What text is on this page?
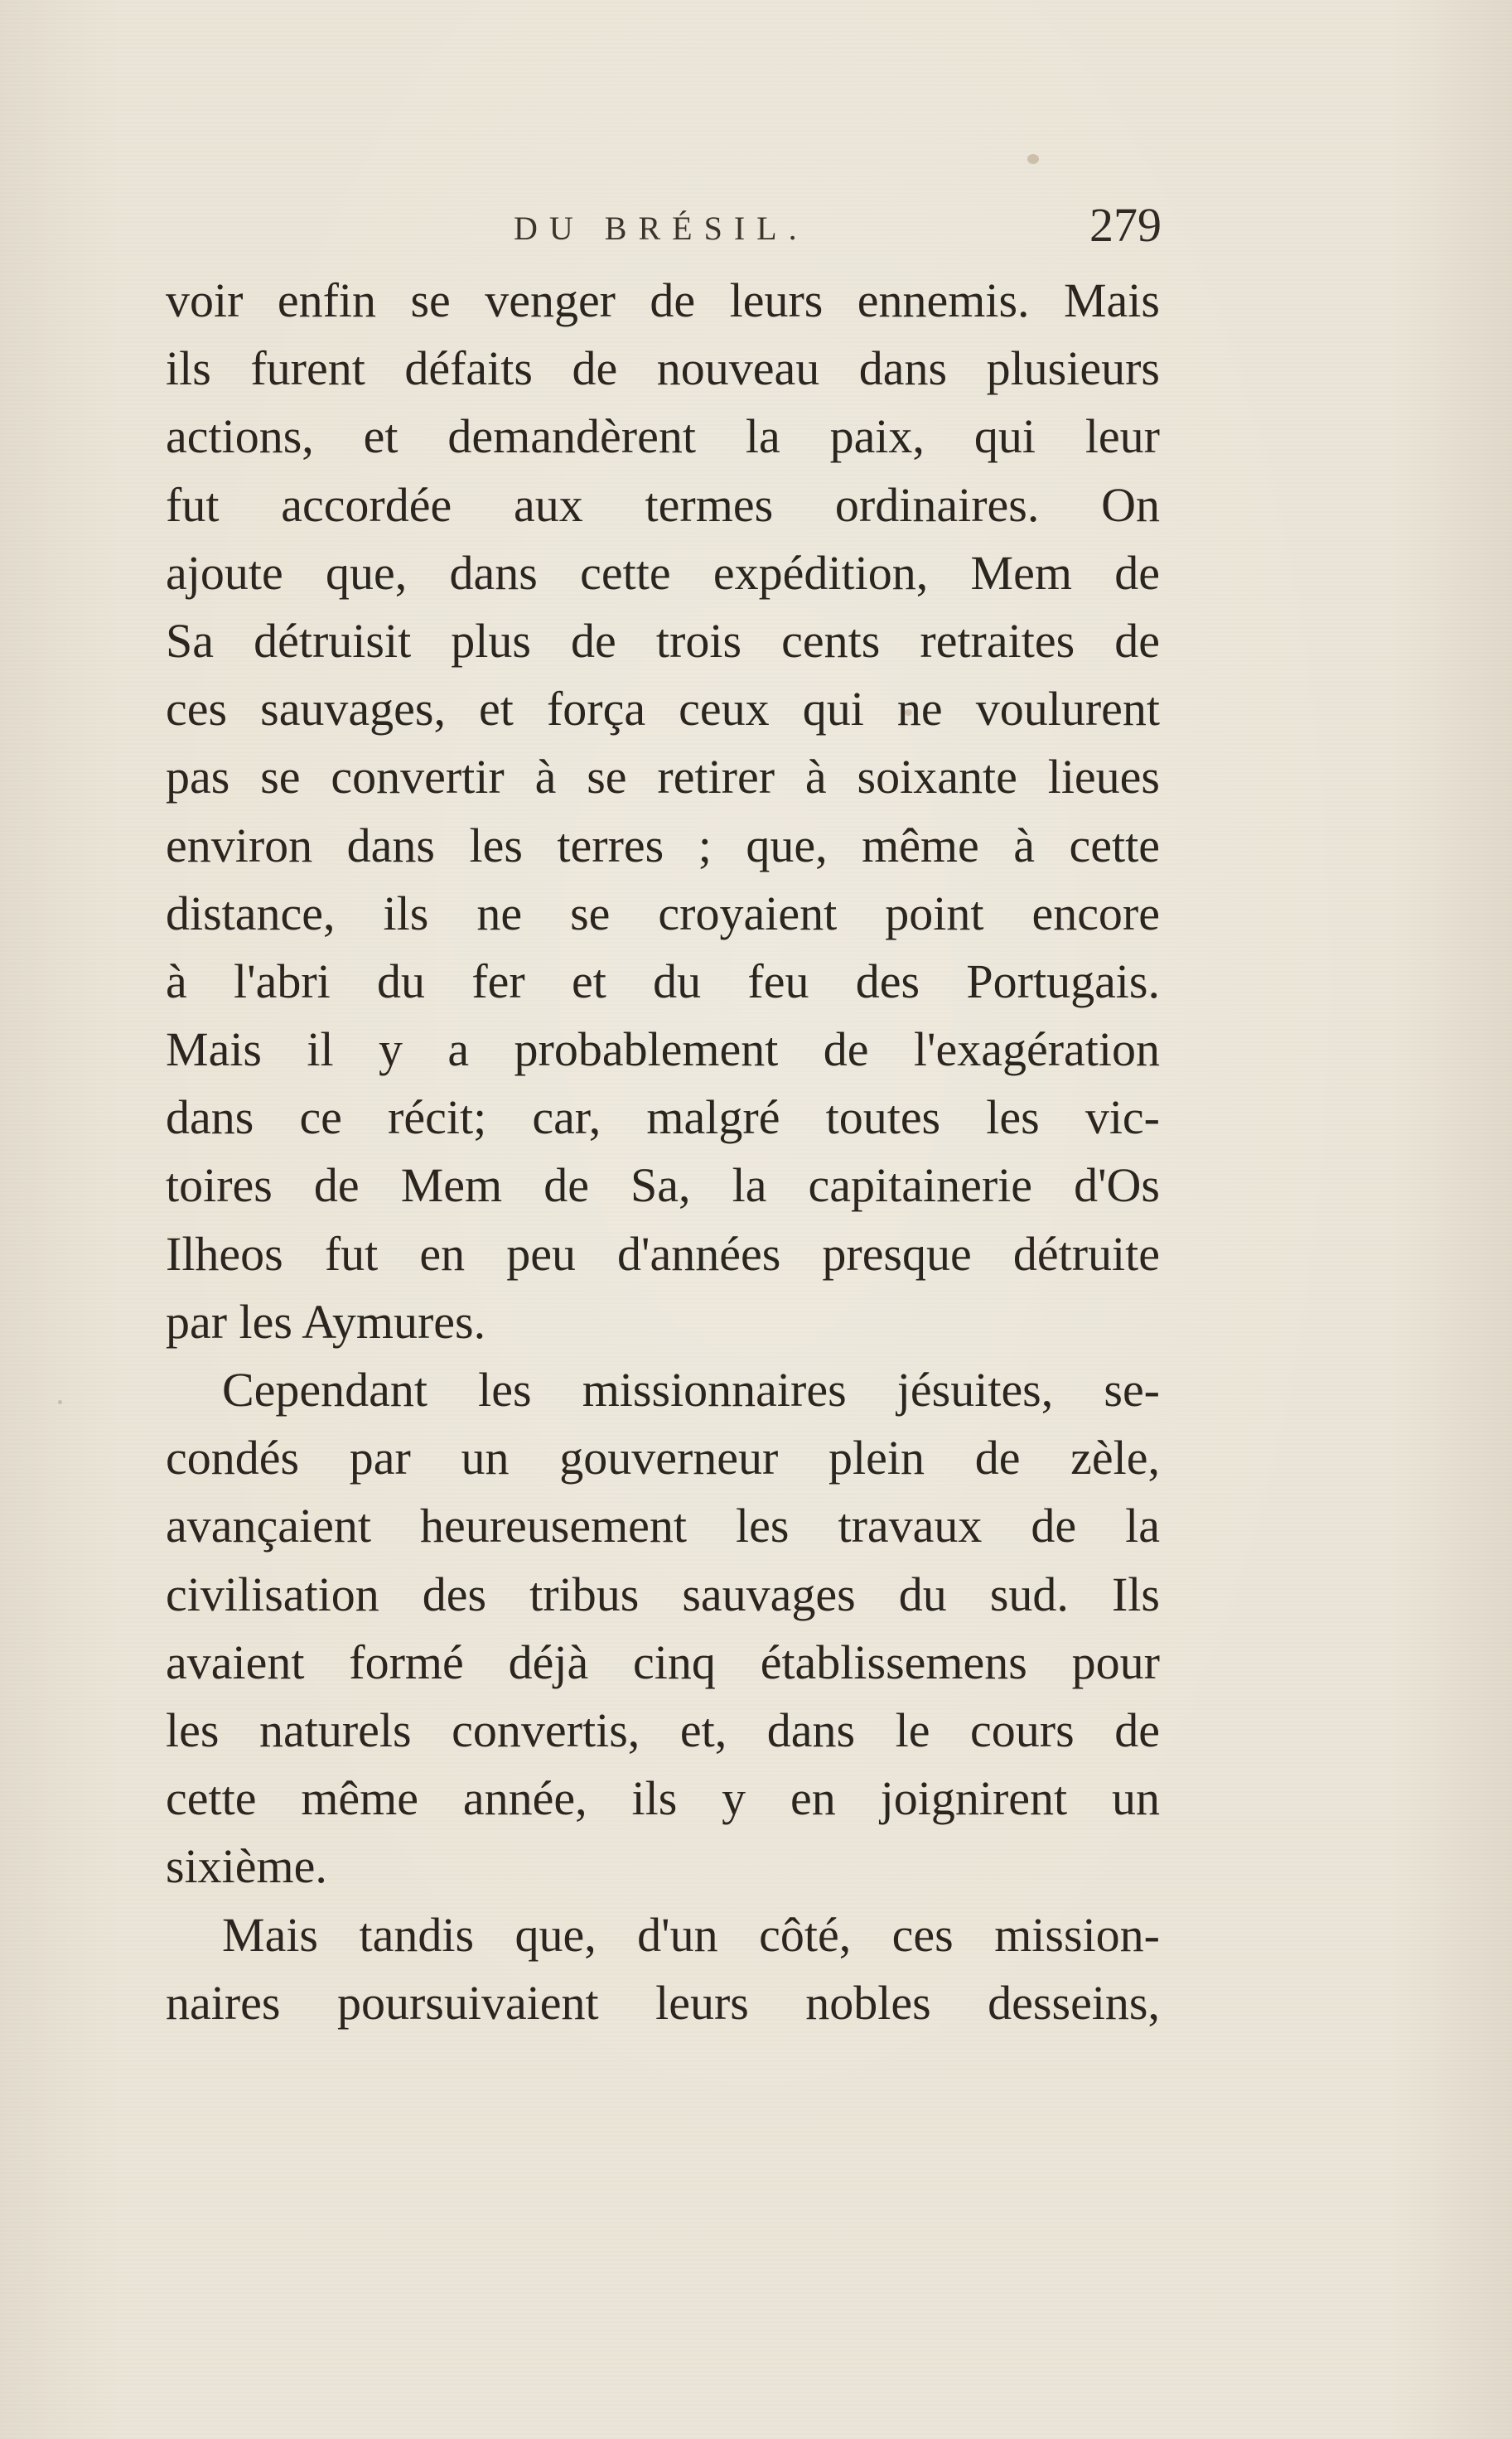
DU BRÉSIL.	279
voir enfin se venger de leurs ennemis. Mais
ils furent défaits de nouveau dans plusieurs
actions, et demandèrent la paix, qui leur
fut accordée aux termes ordinaires. On
ajoute que, dans cette expédition, Mem de
Sa détruisit plus de trois cents retraites de
ces sauvages, et força ceux qui ne voulurent
pas se convertir à se retirer à soixante lieues
environ dans les terres ; que, même à cette
distance, ils ne se croyaient point encore
à l'abri du fer et du feu des Portugais.
Mais il y a probablement de l'exagération
dans ce récit; car, malgré toutes les vic-
toires de Mem de Sa, la capitainerie d'Os
Ilheos fut en peu d'années presque détruite
par les Aymures.
Cependant les missionnaires jésuites, se-
condés par un gouverneur plein de zèle,
avançaient heureusement les travaux de la
civilisation des tribus sauvages du sud. Ils
avaient formé déjà cinq établissemens pour
les naturels convertis, et, dans le cours de
cette même année, ils y en joignirent un
sixième.
Mais tandis que, d'un côté, ces mission-
naires poursuivaient leurs nobles desseins,
